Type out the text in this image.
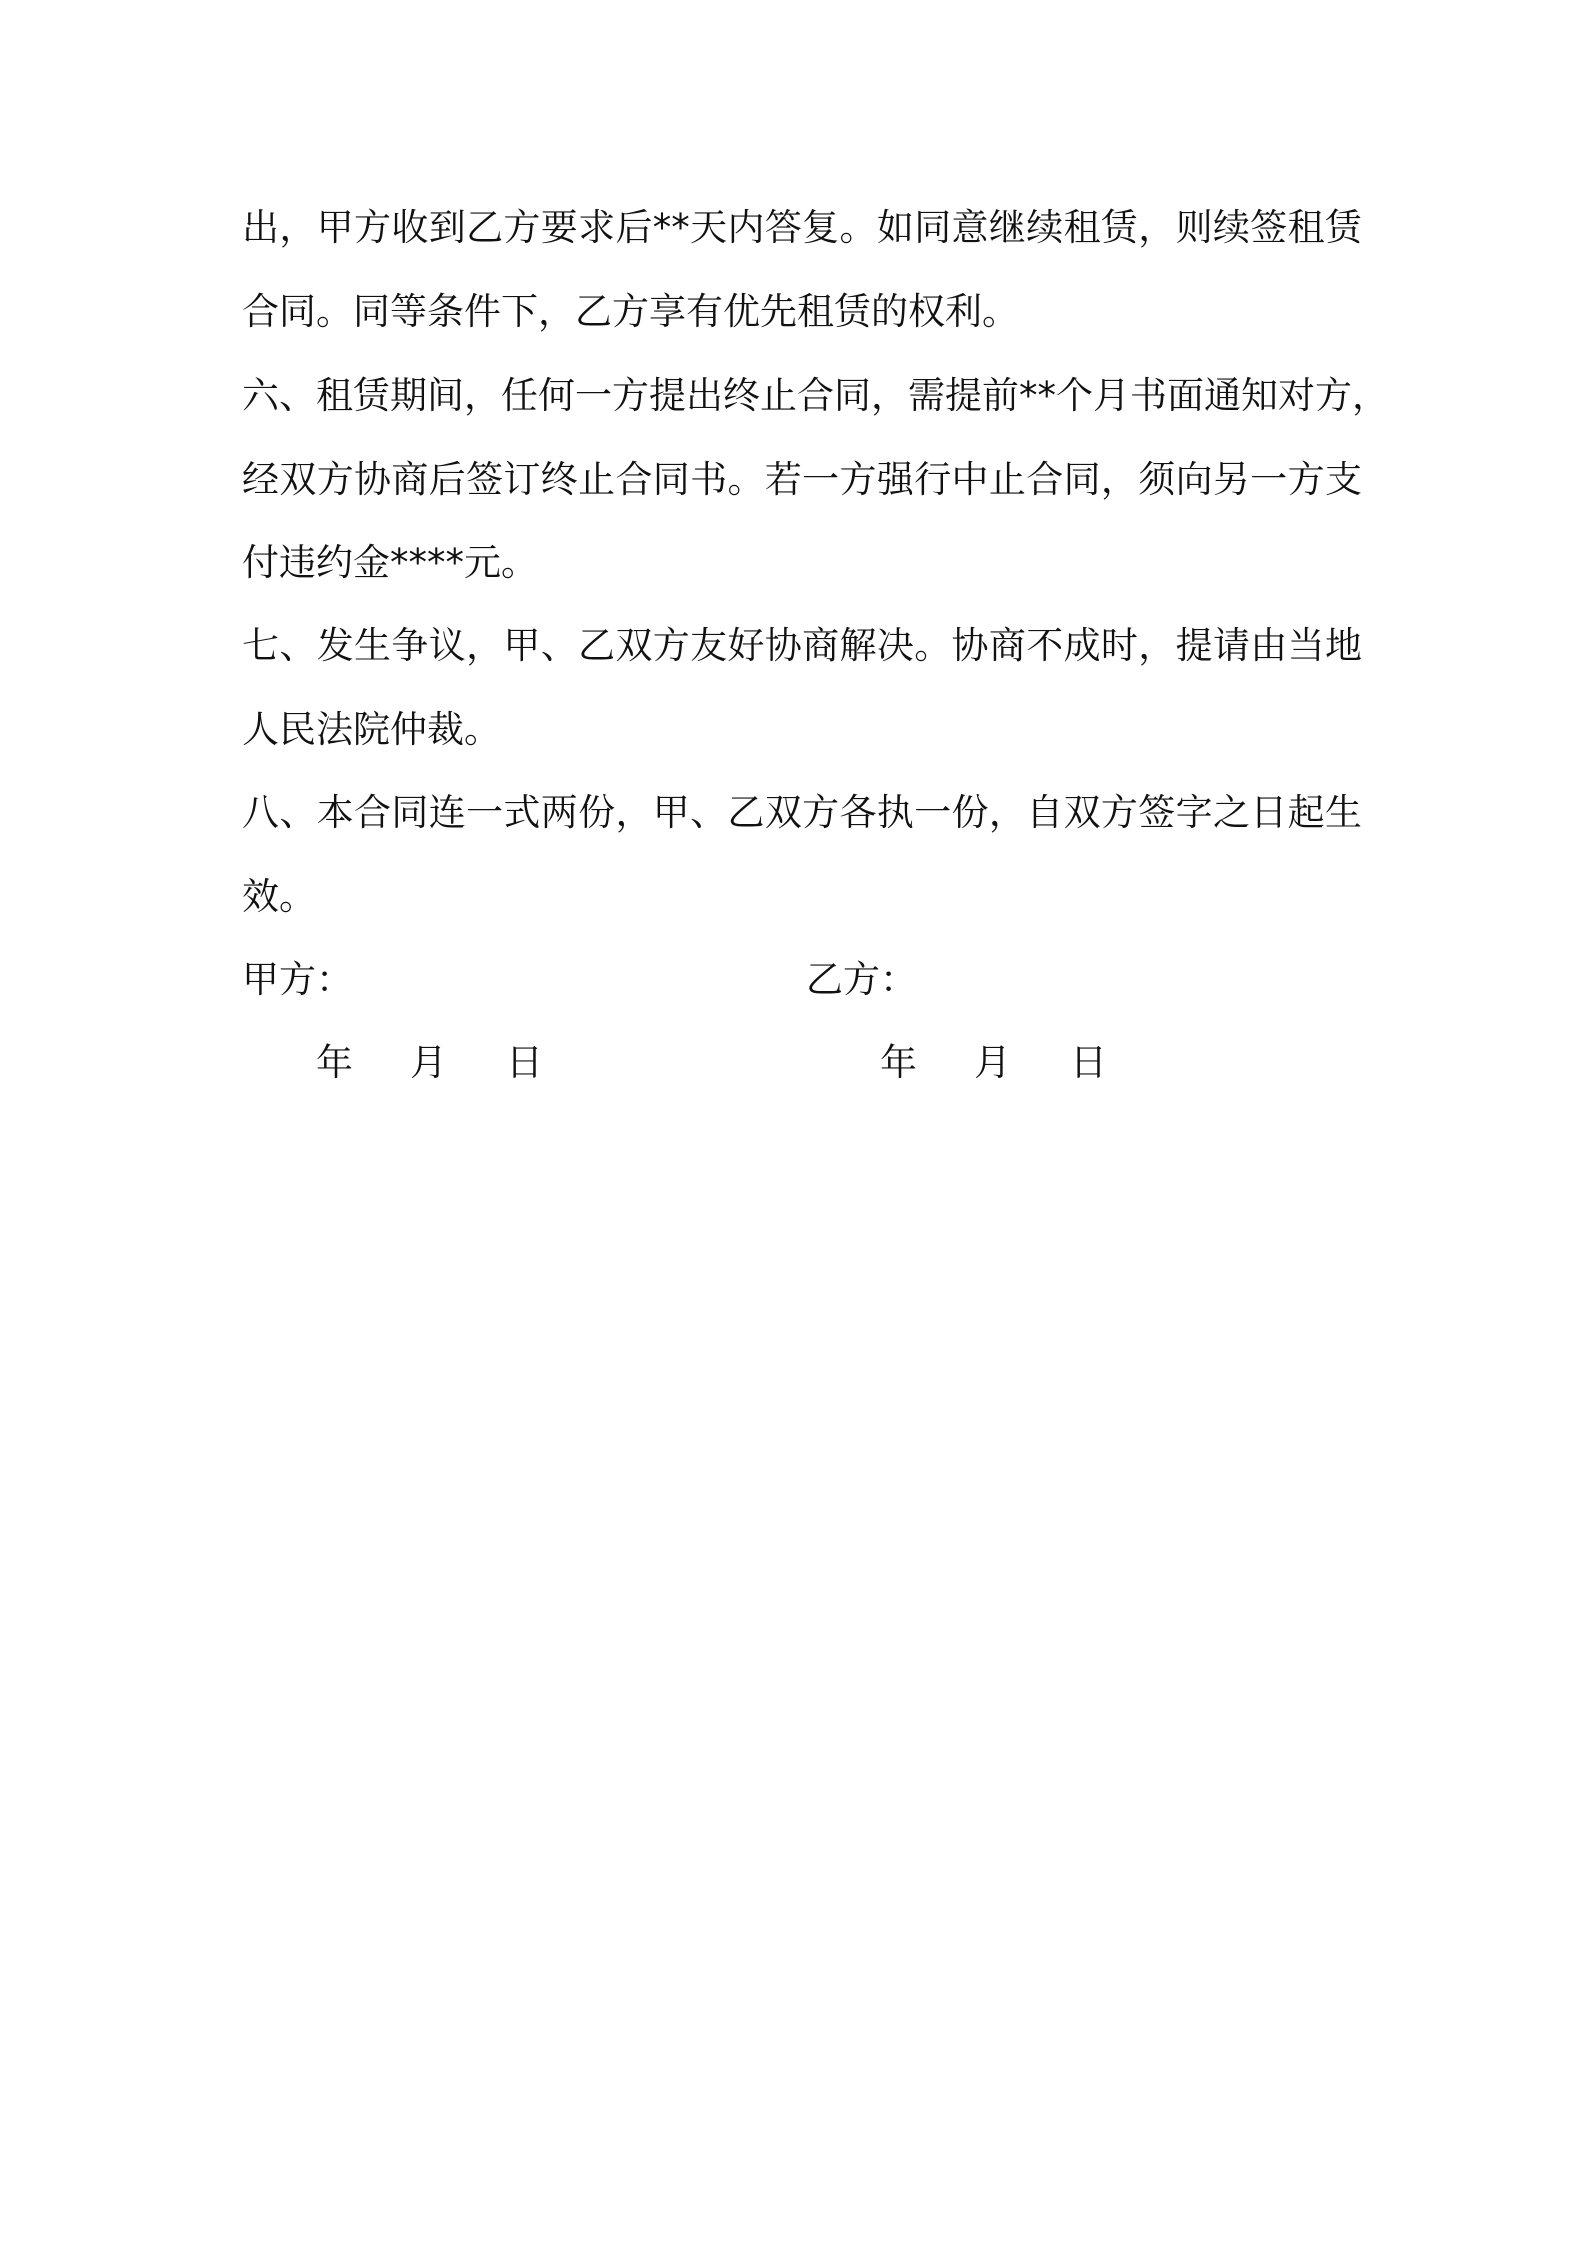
出，甲方收到乙方要求后**天内答复。如同意继续租赁，则续签租赁
合同。同等条件下，乙方享有优先租赁的权利。
六、租赁期间，任何一方提出终止合同，需提前**个月书面通知对方，
经双方协商后签订终止合同书。若一方强行中止合同，须向另一方支
付违约金****元。
七、发生争议，甲、乙双方友好协商解决。协商不成时，提请由当地
人民法院仲裁。
八、本合同连一式两份，甲、乙双方各执一份，自双方签字之日起生
效。
甲方：
年 月 日
乙方：
年 月 日
